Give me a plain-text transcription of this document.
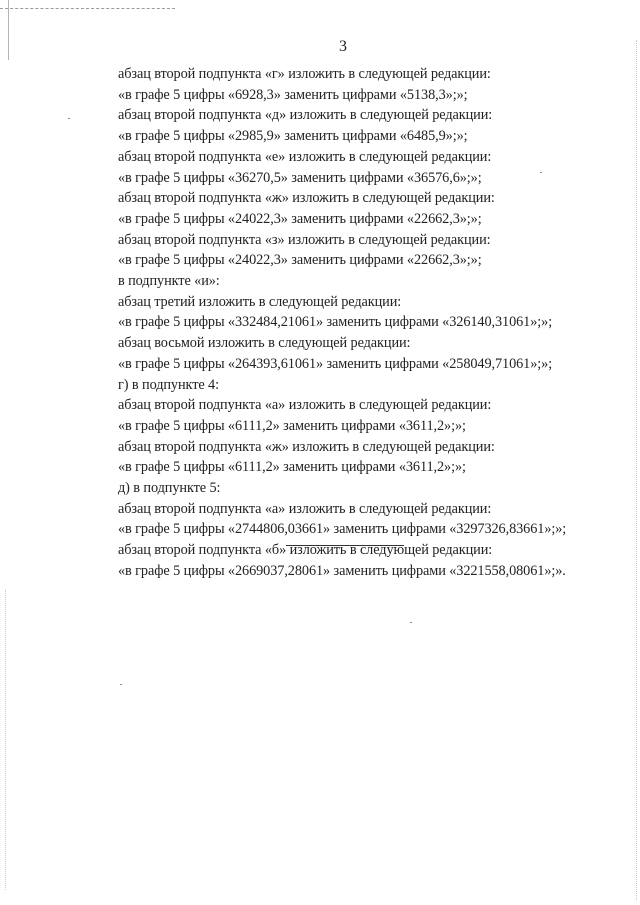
3
абзац второй подпункта «г» изложить в следующей редакции:
«в графе 5 цифры «6928,3» заменить цифрами «5138,3»;»;
абзац второй подпункта «д» изложить в следующей редакции:
«в графе 5 цифры «2985,9» заменить цифрами «6485,9»;»;
абзац второй подпункта «е» изложить в следующей редакции:
«в графе 5 цифры «36270,5» заменить цифрами «36576,6»;»;
абзац второй подпункта «ж» изложить в следующей редакции:
«в графе 5 цифры «24022,3» заменить цифрами «22662,3»;»;
абзац второй подпункта «з» изложить в следующей редакции:
«в графе 5 цифры «24022,3» заменить цифрами «22662,3»;»;
в подпункте «и»:
абзац третий изложить в следующей редакции:
«в графе 5 цифры «332484,21061» заменить цифрами «326140,31061»;»;
абзац восьмой изложить в следующей редакции:
«в графе 5 цифры «264393,61061» заменить цифрами «258049,71061»;»;
г) в подпункте 4:
абзац второй подпункта «а» изложить в следующей редакции:
«в графе 5 цифры «6111,2» заменить цифрами «3611,2»;»;
абзац второй подпункта «ж» изложить в следующей редакции:
«в графе 5 цифры «6111,2» заменить цифрами «3611,2»;»;
д) в подпункте 5:
абзац второй подпункта «а» изложить в следующей редакции:
«в графе 5 цифры «2744806,03661» заменить цифрами «3297326,83661»;»;
абзац второй подпункта «б» изложить в следующей редакции:
«в графе 5 цифры «2669037,28061» заменить цифрами «3221558,08061»;».
